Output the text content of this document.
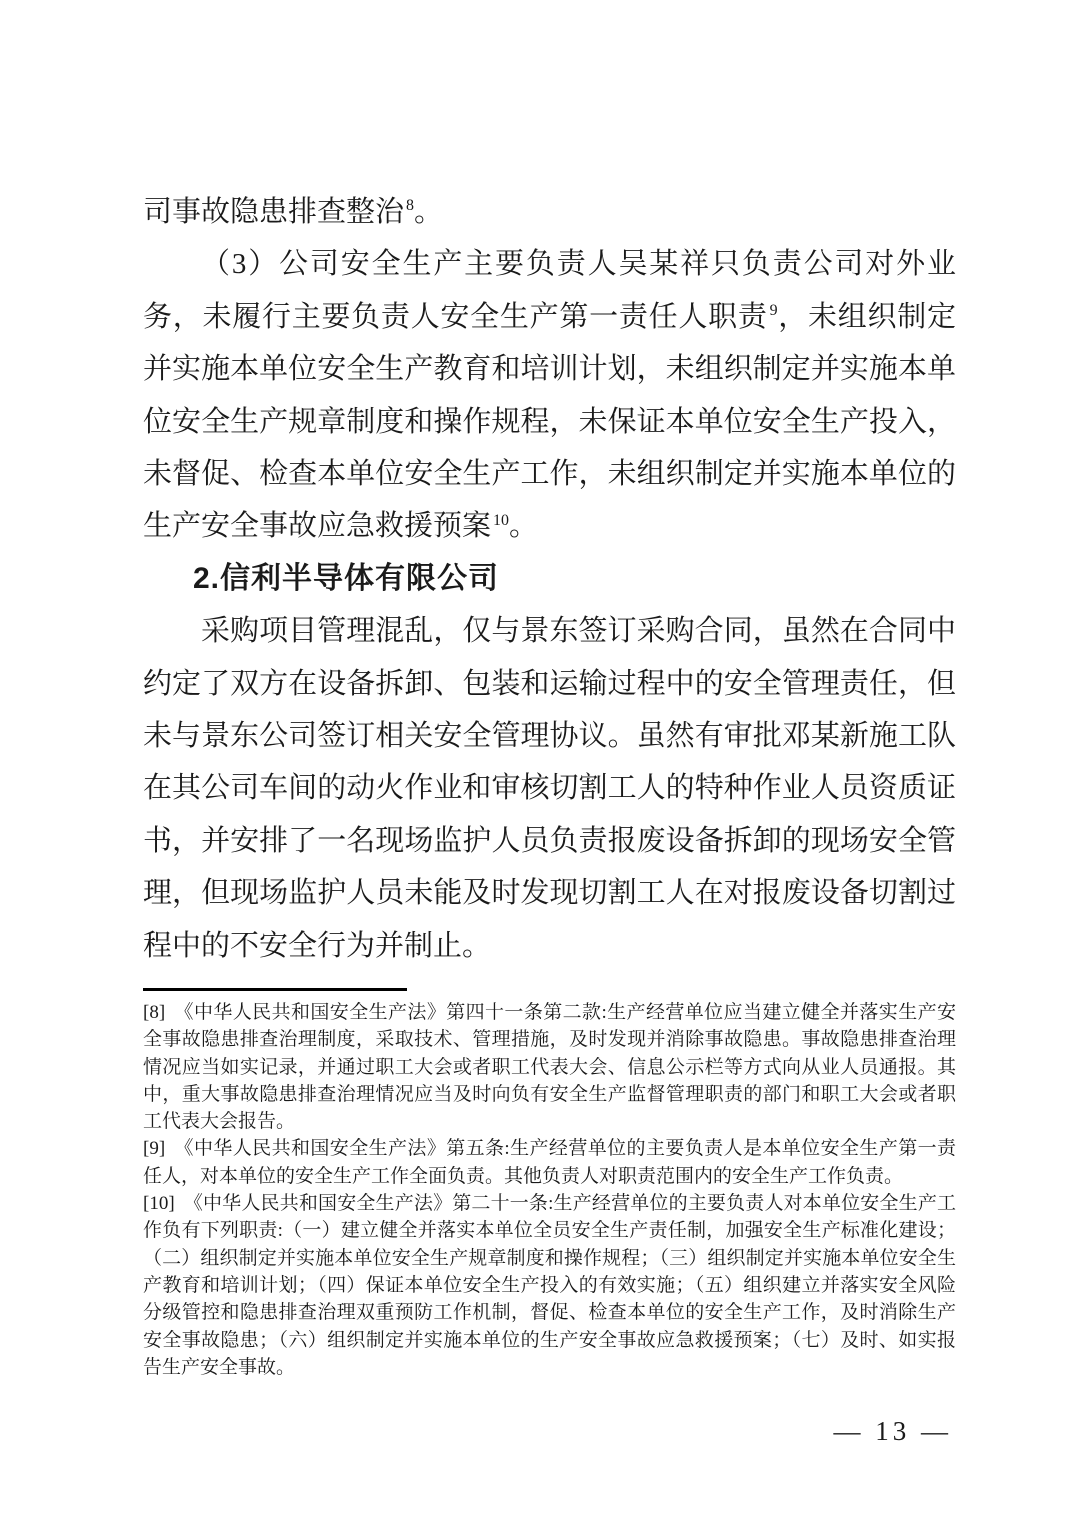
司事故隐患排查整治 $^8$。

（3）公司安全生产主要负责人吴某祥只负责公司对外业务，未履行主要负责人安全生产第一责任人职责 $^9$，未组织制定并实施本单位安全生产教育和培训计划，未组织制定并实施本单位安全生产规章制度和操作规程，未保证本单位安全生产投入，未督促、检查本单位安全生产工作，未组织制定并实施本单位的生产安全事故应急救援预案 $^{10}$。

2.信利半导体有限公司

采购项目管理混乱，仅与景东签订采购合同，虽然在合同中约定了双方在设备拆卸、包装和运输过程中的安全管理责任，但未与景东公司签订相关安全管理协议。虽然有审批邓某新施工队在其公司车间的动火作业和审核切割工人的特种作业人员资质证书，并安排了一名现场监护人员负责报废设备拆卸的现场安全管理，但现场监护人员未能及时发现切割工人在对报废设备切割过程中的不安全行为并制止。

[8] 《中华人民共和国安全生产法》第四十一条第二款:生产经营单位应当建立健全并落实生产安全事故隐患排查治理制度，采取技术、管理措施，及时发现并消除事故隐患。事故隐患排查治理情况应当如实记录，并通过职工大会或者职工代表大会、信息公示栏等方式向从业人员通报。其中，重大事故隐患排查治理情况应当及时向负有安全生产监督管理职责的部门和职工大会或者职工代表大会报告。

[9] 《中华人民共和国安全生产法》第五条:生产经营单位的主要负责人是本单位安全生产第一责任人，对本单位的安全生产工作全面负责。其他负责人对职责范围内的安全生产工作负责。

[10] 《中华人民共和国安全生产法》第二十一条:生产经营单位的主要负责人对本单位安全生产工作负有下列职责:（一）建立健全并落实本单位全员安全生产责任制，加强安全生产标准化建设；（二）组织制定并实施本单位安全生产规章制度和操作规程；（三）组织制定并实施本单位安全生产教育和培训计划；（四）保证本单位安全生产投入的有效实施；（五）组织建立并落实安全风险分级管控和隐患排查治理双重预防工作机制，督促、检查本单位的安全生产工作，及时消除生产安全事故隐患；（六）组织制定并实施本单位的生产安全事故应急救援预案；（七）及时、如实报告生产安全事故。

— 13 —
